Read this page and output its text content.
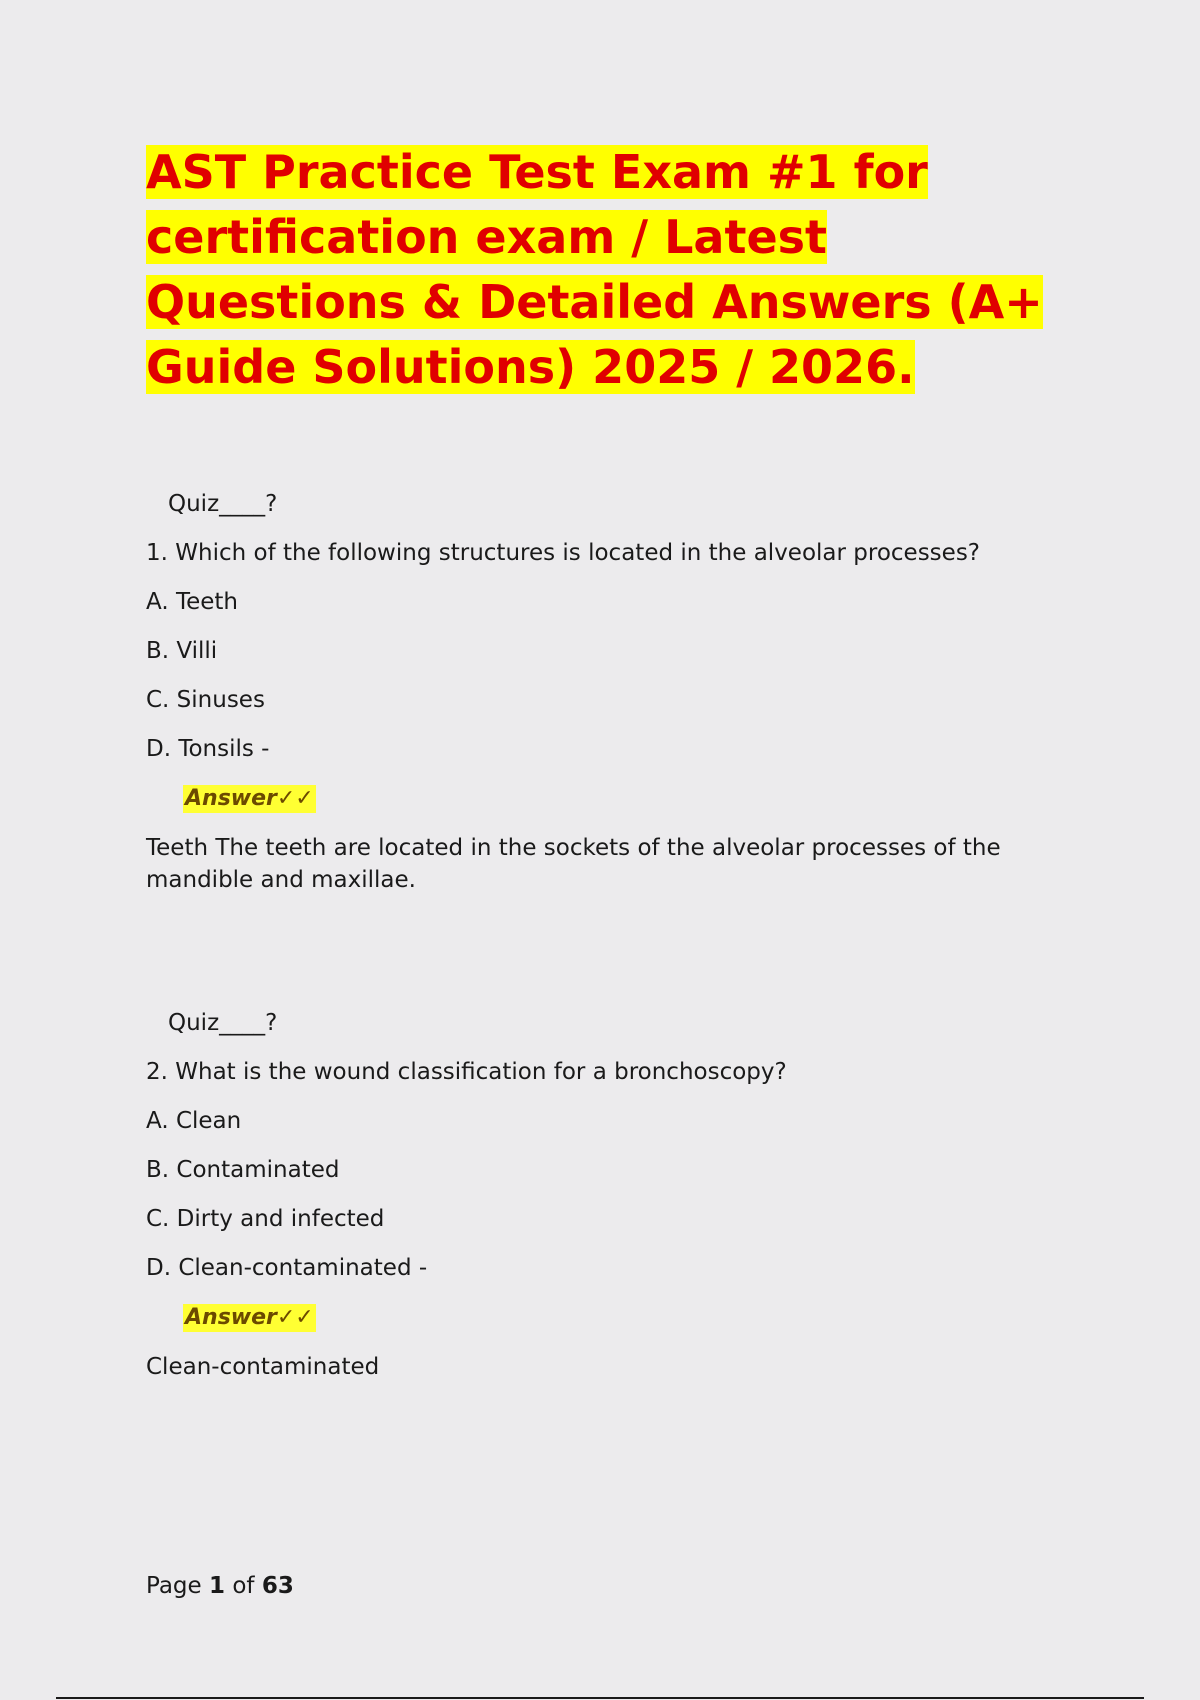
AST Practice Test Exam #1 for certification exam / Latest Questions & Detailed Answers (A+ Guide Solutions) 2025 / 2026.
Quiz____?
1. Which of the following structures is located in the alveolar processes?
A. Teeth
B. Villi
C. Sinuses
D. Tonsils -
Answer✓✓
Teeth The teeth are located in the sockets of the alveolar processes of the mandible and maxillae.
Quiz____?
2. What is the wound classification for a bronchoscopy?
A. Clean
B. Contaminated
C. Dirty and infected
D. Clean-contaminated -
Answer✓✓
Clean-contaminated
Page 1 of 63
